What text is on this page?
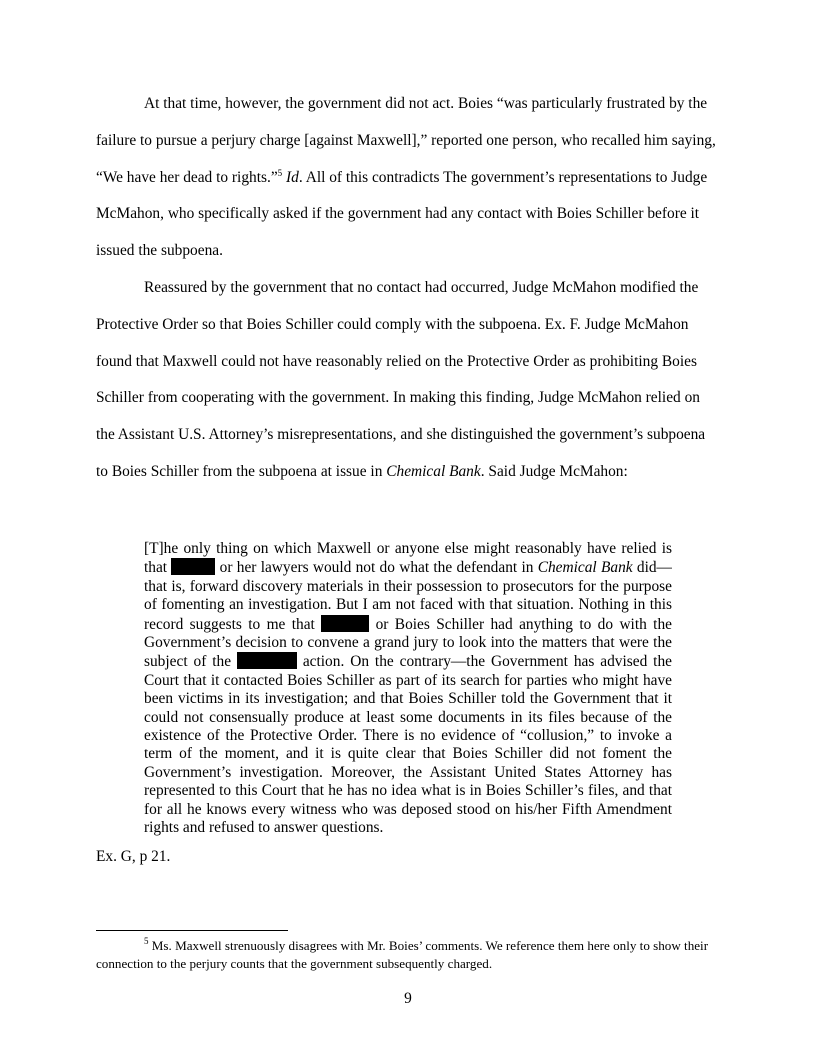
At that time, however, the government did not act. Boies “was particularly frustrated by the failure to pursue a perjury charge [against Maxwell],” reported one person, who recalled him saying, “We have her dead to rights.”$^5$ Id. All of this contradicts The government’s representations to Judge McMahon, who specifically asked if the government had any contact with Boies Schiller before it issued the subpoena.

Reassured by the government that no contact had occurred, Judge McMahon modified the Protective Order so that Boies Schiller could comply with the subpoena. Ex. F. Judge McMahon found that Maxwell could not have reasonably relied on the Protective Order as prohibiting Boies Schiller from cooperating with the government. In making this finding, Judge McMahon relied on the Assistant U.S. Attorney’s misrepresentations, and she distinguished the government’s subpoena to Boies Schiller from the subpoena at issue in Chemical Bank. Said Judge McMahon:

[T]he only thing on which Maxwell or anyone else might reasonably have relied is that	or her lawyers would not do what the defendant in Chemical Bank did—that is, forward discovery materials in their possession to prosecutors for the purpose of fomenting an investigation. But I am not faced with that situation. Nothing in this record suggests to me that	or Boies Schiller had anything to do with the Government’s decision to convene a grand jury to look into the matters that were the subject of the	action. On the contrary—the Government has advised the Court that it contacted Boies Schiller as part of its search for parties who might have been victims in its investigation; and that Boies Schiller told the Government that it could not consensually produce at least some documents in its files because of the existence of the Protective Order. There is no evidence of “collusion,” to invoke a term of the moment, and it is quite clear that Boies Schiller did not foment the Government’s investigation. Moreover, the Assistant United States Attorney has represented to this Court that he has no idea what is in Boies Schiller’s files, and that for all he knows every witness who was deposed stood on his/her Fifth Amendment rights and refused to answer questions.

Ex. G, p 21.

$^5$ Ms. Maxwell strenuously disagrees with Mr. Boies’ comments. We reference them here only to show their connection to the perjury counts that the government subsequently charged.

9
